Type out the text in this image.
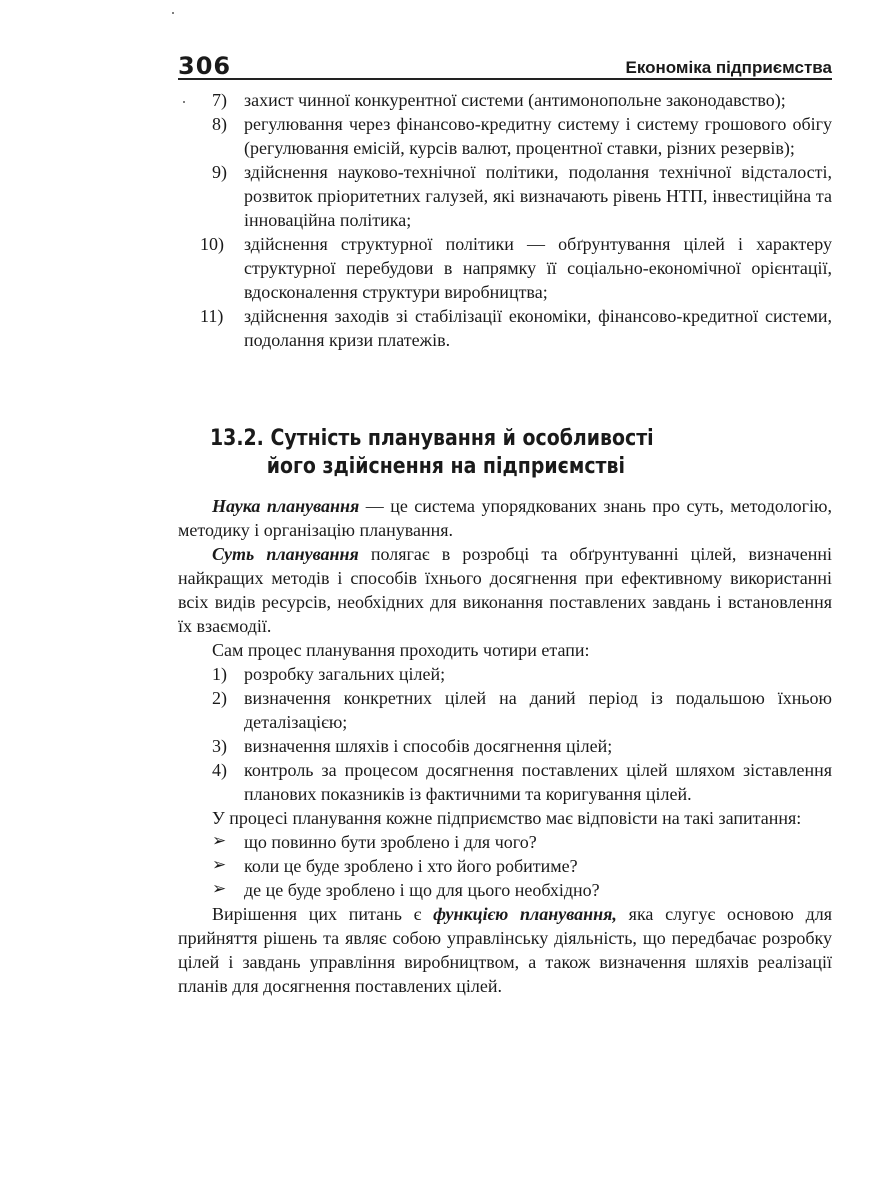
306	Економіка підприємства
7) захист чинної конкурентної системи (антимонопольне законодавство);
8) регулювання через фінансово-кредитну систему і систему грошового обігу (регулювання емісій, курсів валют, процентної ставки, різних резервів);
9) здійснення науково-технічної політики, подолання технічної відсталості, розвиток пріоритетних галузей, які визначають рівень НТП, інвестиційна та інноваційна політика;
10) здійснення структурної політики — обґрунтування цілей і характеру структурної перебудови в напрямку її соціально-економічної орієнтації, вдосконалення структури виробництва;
11) здійснення заходів зі стабілізації економіки, фінансово-кредитної системи, подолання кризи платежів.
13.2. Сутність планування й особливості
його здійснення на підприємстві

Наука планування — це система упорядкованих знань про суть, методологію, методику і організацію планування.

Суть планування полягає в розробці та обґрунтуванні цілей, визначенні найкращих методів і способів їхнього досягнення при ефективному використанні всіх видів ресурсів, необхідних для виконання поставлених завдань і встановлення їх взаємодії.

Сам процес планування проходить чотири етапи:

1) розробку загальних цілей;
2) визначення конкретних цілей на даний період із подальшою їхньою деталізацією;
3) визначення шляхів і способів досягнення цілей;
4) контроль за процесом досягнення поставлених цілей шляхом зіставлення планових показників із фактичними та коригування цілей.

У процесі планування кожне підприємство має відповісти на такі запитання:

➢ що повинно бути зроблено і для чого?
➢ коли це буде зроблено і хто його робитиме?
➢ де це буде зроблено і що для цього необхідно?

Вирішення цих питань є функцією планування, яка слугує основою для прийняття рішень та являє собою управлінську діяльність, що передбачає розробку цілей і завдань управління виробництвом, а також визначення шляхів реалізації планів для досягнення поставлених цілей.
